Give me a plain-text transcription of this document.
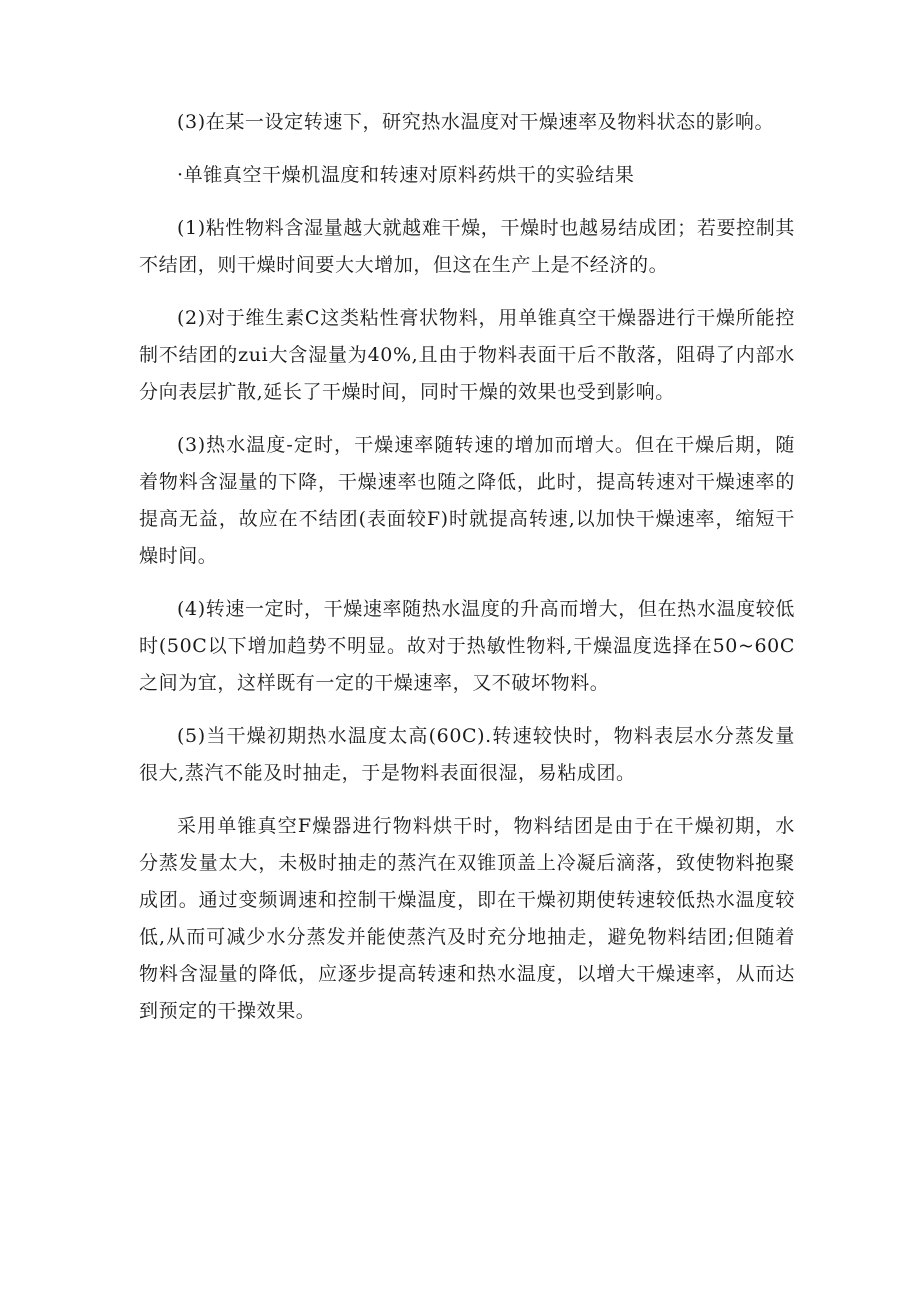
(3)在某一设定转速下，研究热水温度对干燥速率及物料状态的影响。

·单锥真空干燥机温度和转速对原料药烘干的实验结果

(1)粘性物料含湿量越大就越难干燥，干燥时也越易结成团；若要控制其不结团，则干燥时间要大大增加，但这在生产上是不经济的。

(2)对于维生素C这类粘性膏状物料，用单锥真空干燥器进行干燥所能控制不结团的zui大含湿量为40%,且由于物料表面干后不散落，阻碍了内部水分向表层扩散,延长了干燥时间，同时干燥的效果也受到影响。

(3)热水温度-定时，干燥速率随转速的增加而增大。但在干燥后期，随着物料含湿量的下降，干燥速率也随之降低，此时，提高转速对干燥速率的提高无益，故应在不结团(表面较F)时就提高转速,以加快干燥速率，缩短干燥时间。

(4)转速一定时，干燥速率随热水温度的升高而增大，但在热水温度较低时(50C以下增加趋势不明显。故对于热敏性物料,干燥温度选择在50~60C之间为宜，这样既有一定的干燥速率，又不破坏物料。

(5)当干燥初期热水温度太高(60C).转速较快时，物料表层水分蒸发量很大,蒸汽不能及时抽走，于是物料表面很湿，易粘成团。

采用单锥真空F燥器进行物料烘干时，物料结团是由于在干燥初期，水分蒸发量太大，未极时抽走的蒸汽在双锥顶盖上冷凝后滴落，致使物料抱聚成团。通过变频调速和控制干燥温度，即在干燥初期使转速较低热水温度较低,从而可减少水分蒸发并能使蒸汽及时充分地抽走，避免物料结团;但随着物料含湿量的降低，应逐步提高转速和热水温度，以增大干燥速率，从而达到预定的干操效果。
